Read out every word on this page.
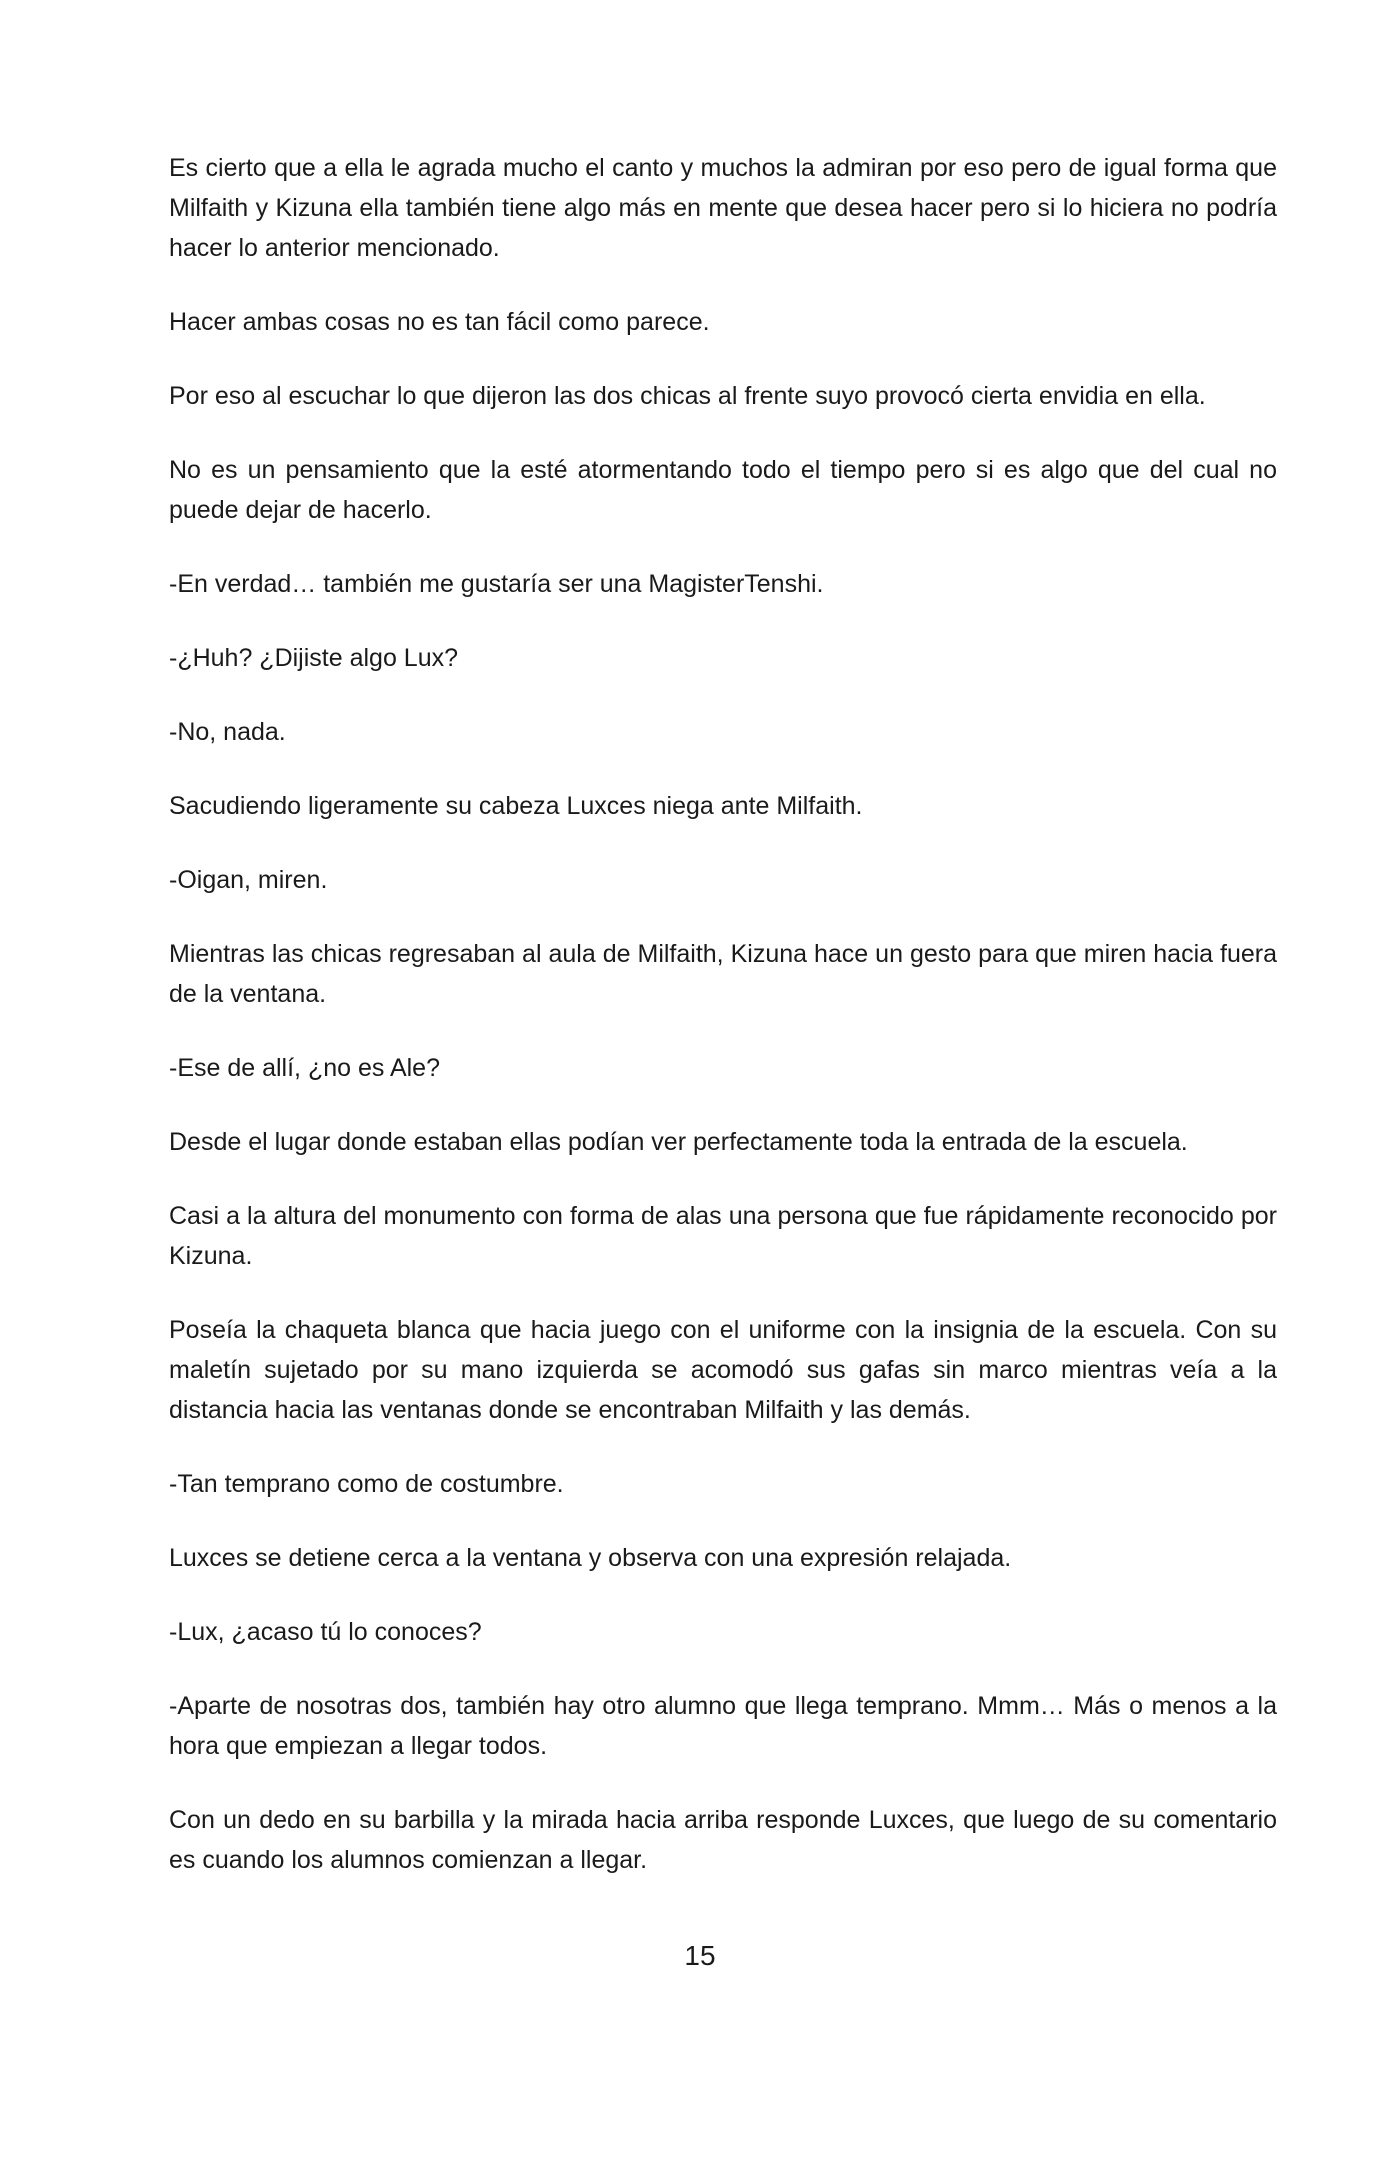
Es cierto que a ella le agrada mucho el canto y muchos la admiran por eso pero de igual forma que Milfaith y Kizuna ella también tiene algo más en mente que desea hacer pero si lo hiciera no podría hacer lo anterior mencionado.

Hacer ambas cosas no es tan fácil como parece.

Por eso al escuchar lo que dijeron las dos chicas al frente suyo provocó cierta envidia en ella.

No es un pensamiento que la esté atormentando todo el tiempo pero si es algo que del cual no puede dejar de hacerlo.

-En verdad… también me gustaría ser una MagisterTenshi.

-¿Huh? ¿Dijiste algo Lux?

-No, nada.

Sacudiendo ligeramente su cabeza Luxces niega ante Milfaith.

-Oigan, miren.

Mientras las chicas regresaban al aula de Milfaith, Kizuna hace un gesto para que miren hacia fuera de la ventana.

-Ese de allí, ¿no es Ale?

Desde el lugar donde estaban ellas podían ver perfectamente toda la entrada de la escuela.

Casi a la altura del monumento con forma de alas una persona que fue rápidamente reconocido por Kizuna.

Poseía la chaqueta blanca que hacia juego con el uniforme con la insignia de la escuela. Con su maletín sujetado por su mano izquierda se acomodó sus gafas sin marco mientras veía a la distancia hacia las ventanas donde se encontraban Milfaith y las demás.

-Tan temprano como de costumbre.

Luxces se detiene cerca a la ventana y observa con una expresión relajada.

-Lux, ¿acaso tú lo conoces?

-Aparte de nosotras dos, también hay otro alumno que llega temprano. Mmm… Más o menos a la hora que empiezan a llegar todos.

Con un dedo en su barbilla y la mirada hacia arriba responde Luxces, que luego de su comentario es cuando los alumnos comienzan a llegar.

15
